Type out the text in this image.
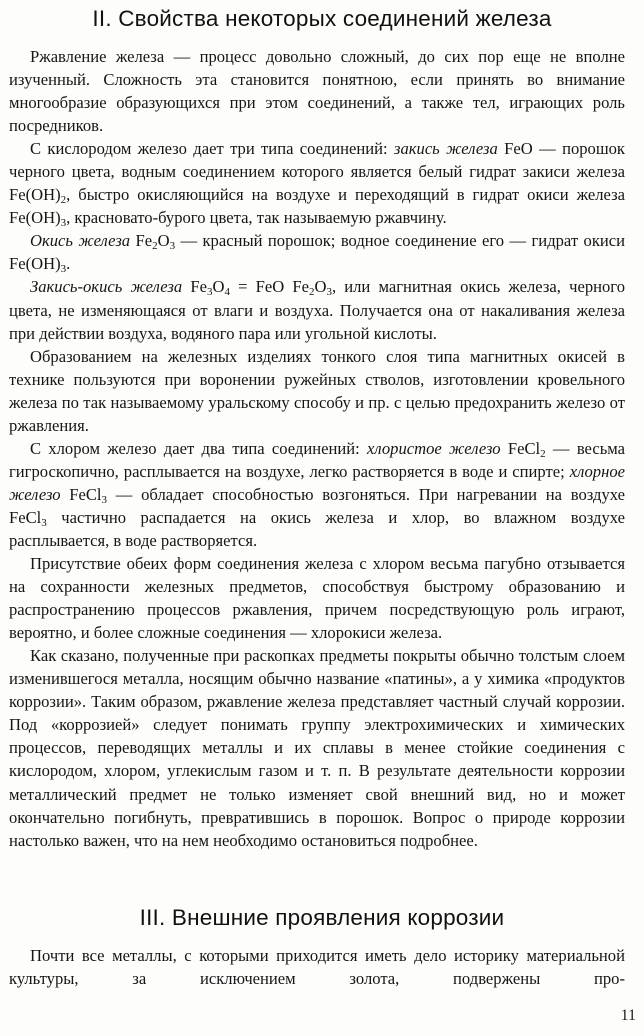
II. Свойства некоторых соединений железа

Ржавление железа — процесс довольно сложный, до сих пор еще не вполне изученный. Сложность эта становится понятною, если принять во внимание многообразие образующихся при этом соединений, а также тел, играющих роль посредников.

С кислородом железо дает три типа соединений: закись железа FeO — порошок черного цвета, водным соединением которого является белый гидрат закиси железа $Fe(OH)_2$, быстро окисляющийся на воздухе и переходящий в гидрат окиси железа $Fe(OH)_3$, красновато-бурого цвета, так называемую ржавчину.

Окись железа $Fe_2O_3$ — красный порошок; водное соединение его — гидрат окиси $Fe(OH)_3$.

Закись-окись железа $Fe_3O_4$ = FeO $Fe_2O_3$, или магнитная окись железа, черного цвета, не изменяющаяся от влаги и воздуха. Получается она от накаливания железа при действии воздуха, водяного пара или угольной кислоты.

Образованием на железных изделиях тонкого слоя типа магнитных окисей в технике пользуются при воронении ружейных стволов, изготовлении кровельного железа по так называемому уральскому способу и пр. с целью предохранить железо от ржавления.

С хлором железо дает два типа соединений: хлористое железо FeCl$_2$ — весьма гигроскопично, расплывается на воздухе, легко растворяется в воде и спирте; хлорное железо FeCl$_3$ — обладает способностью возгоняться. При нагревании на воздухе FeCl$_3$ частично распадается на окись железа и хлор, во влажном воздухе расплывается, в воде растворяется.

Присутствие обеих форм соединения железа с хлором весьма пагубно отзывается на сохранности железных предметов, способствуя быстрому образованию и распространению процессов ржавления, причем посредствующую роль играют, вероятно, и более сложные соединения — хлорокиси железа.

Как сказано, полученные при раскопках предметы покрыты обычно толстым слоем изменившегося металла, носящим обычно название «патины», а у химика «продуктов коррозии». Таким образом, ржавление железа представляет частный случай коррозии. Под «коррозией» следует понимать группу электрохимических и химических процессов, переводящих металлы и их сплавы в менее стойкие соединения с кислородом, хлором, углекислым газом и т. п. В результате деятельности коррозии металлический предмет не только изменяет свой внешний вид, но и может окончательно погибнуть, превратившись в порошок. Вопрос о природе коррозии настолько важен, что на нем необходимо остановиться подробнее.

III. Внешние проявления коррозии

Почти все металлы, с которыми приходится иметь дело историку материальной культуры, за исключением золота, подвержены про-

11
